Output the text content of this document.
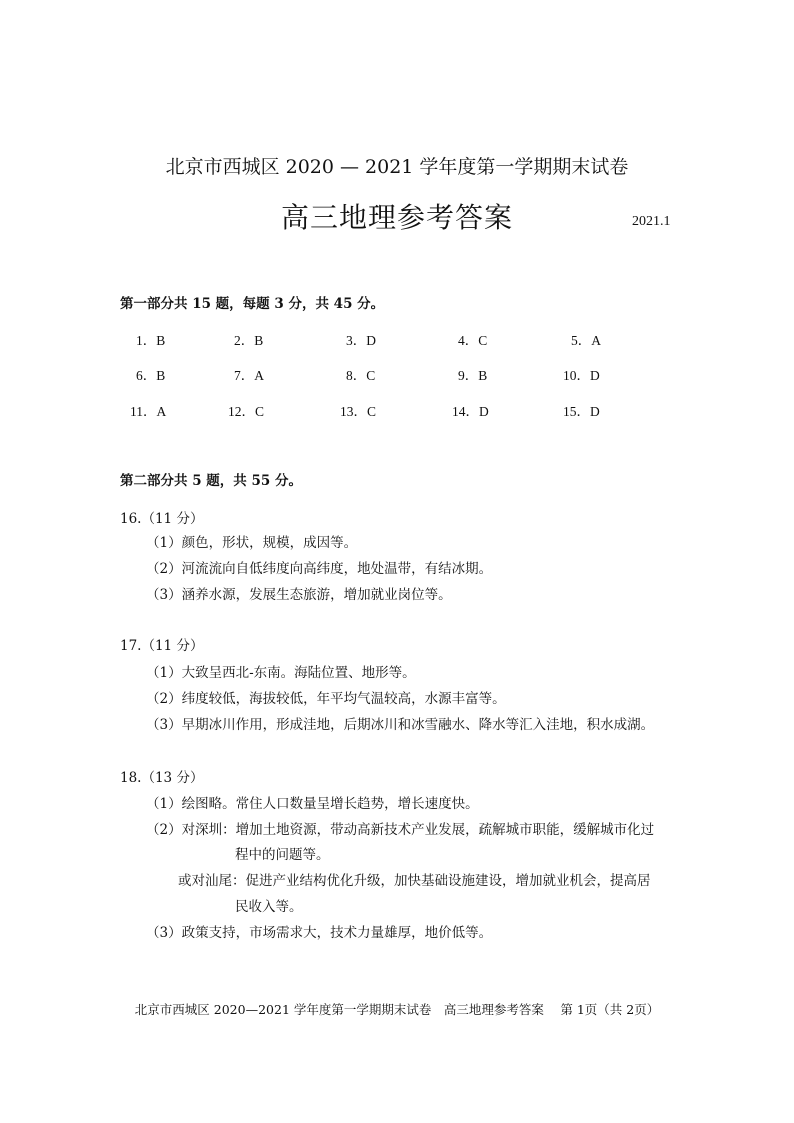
北京市西城区 2020 — 2021 学年度第一学期期末试卷
高三地理参考答案	2021.1
第一部分共 15 题，每题 3 分，共 45 分。
1．B	2．B	3．D	4．C	5．A
6．B	7．A	8．C	9．B	10．D
11．A	12．C	13．C	14．D	15．D
第二部分共 5 题，共 55 分。
16.（11 分）
（1）颜色，形状，规模，成因等。
（2）河流流向自低纬度向高纬度，地处温带，有结冰期。
（3）涵养水源，发展生态旅游，增加就业岗位等。
17.（11 分）
（1）大致呈西北-东南。海陆位置、地形等。
（2）纬度较低，海拔较低，年平均气温较高，水源丰富等。
（3）早期冰川作用，形成洼地，后期冰川和冰雪融水、降水等汇入洼地，积水成湖。
18.（13 分）
（1）绘图略。常住人口数量呈增长趋势，增长速度快。
（2）对深圳：增加土地资源，带动高新技术产业发展，疏解城市职能，缓解城市化过
程中的问题等。
或对汕尾：促进产业结构优化升级，加快基础设施建设，增加就业机会，提高居
民收入等。
（3）政策支持，市场需求大，技术力量雄厚，地价低等。
北京市西城区 2020—2021 学年度第一学期期末试卷　高三地理参考答案　 第 1页（共 2页）
